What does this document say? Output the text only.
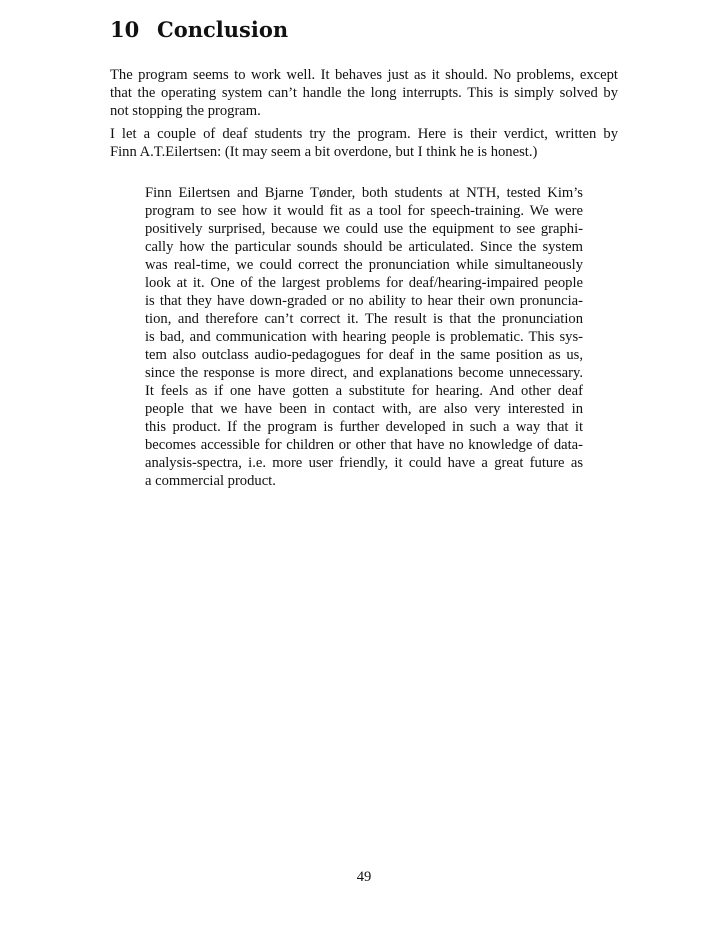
10 Conclusion
The program seems to work well. It behaves just as it should. No problems, except
that the operating system can’t handle the long interrupts. This is simply solved by
not stopping the program.
I let a couple of deaf students try the program. Here is their verdict, written by
Finn A.T.Eilertsen: (It may seem a bit overdone, but I think he is honest.)
Finn Eilertsen and Bjarne Tønder, both students at NTH, tested Kim’s
program to see how it would fit as a tool for speech-training. We were
positively surprised, because we could use the equipment to see graphi-
cally how the particular sounds should be articulated. Since the system
was real-time, we could correct the pronunciation while simultaneously
look at it. One of the largest problems for deaf/hearing-impaired people
is that they have down-graded or no ability to hear their own pronuncia-
tion, and therefore can’t correct it. The result is that the pronunciation
is bad, and communication with hearing people is problematic. This sys-
tem also outclass audio-pedagogues for deaf in the same position as us,
since the response is more direct, and explanations become unnecessary.
It feels as if one have gotten a substitute for hearing. And other deaf
people that we have been in contact with, are also very interested in
this product. If the program is further developed in such a way that it
becomes accessible for children or other that have no knowledge of data-
analysis-spectra, i.e. more user friendly, it could have a great future as
a commercial product.
49
